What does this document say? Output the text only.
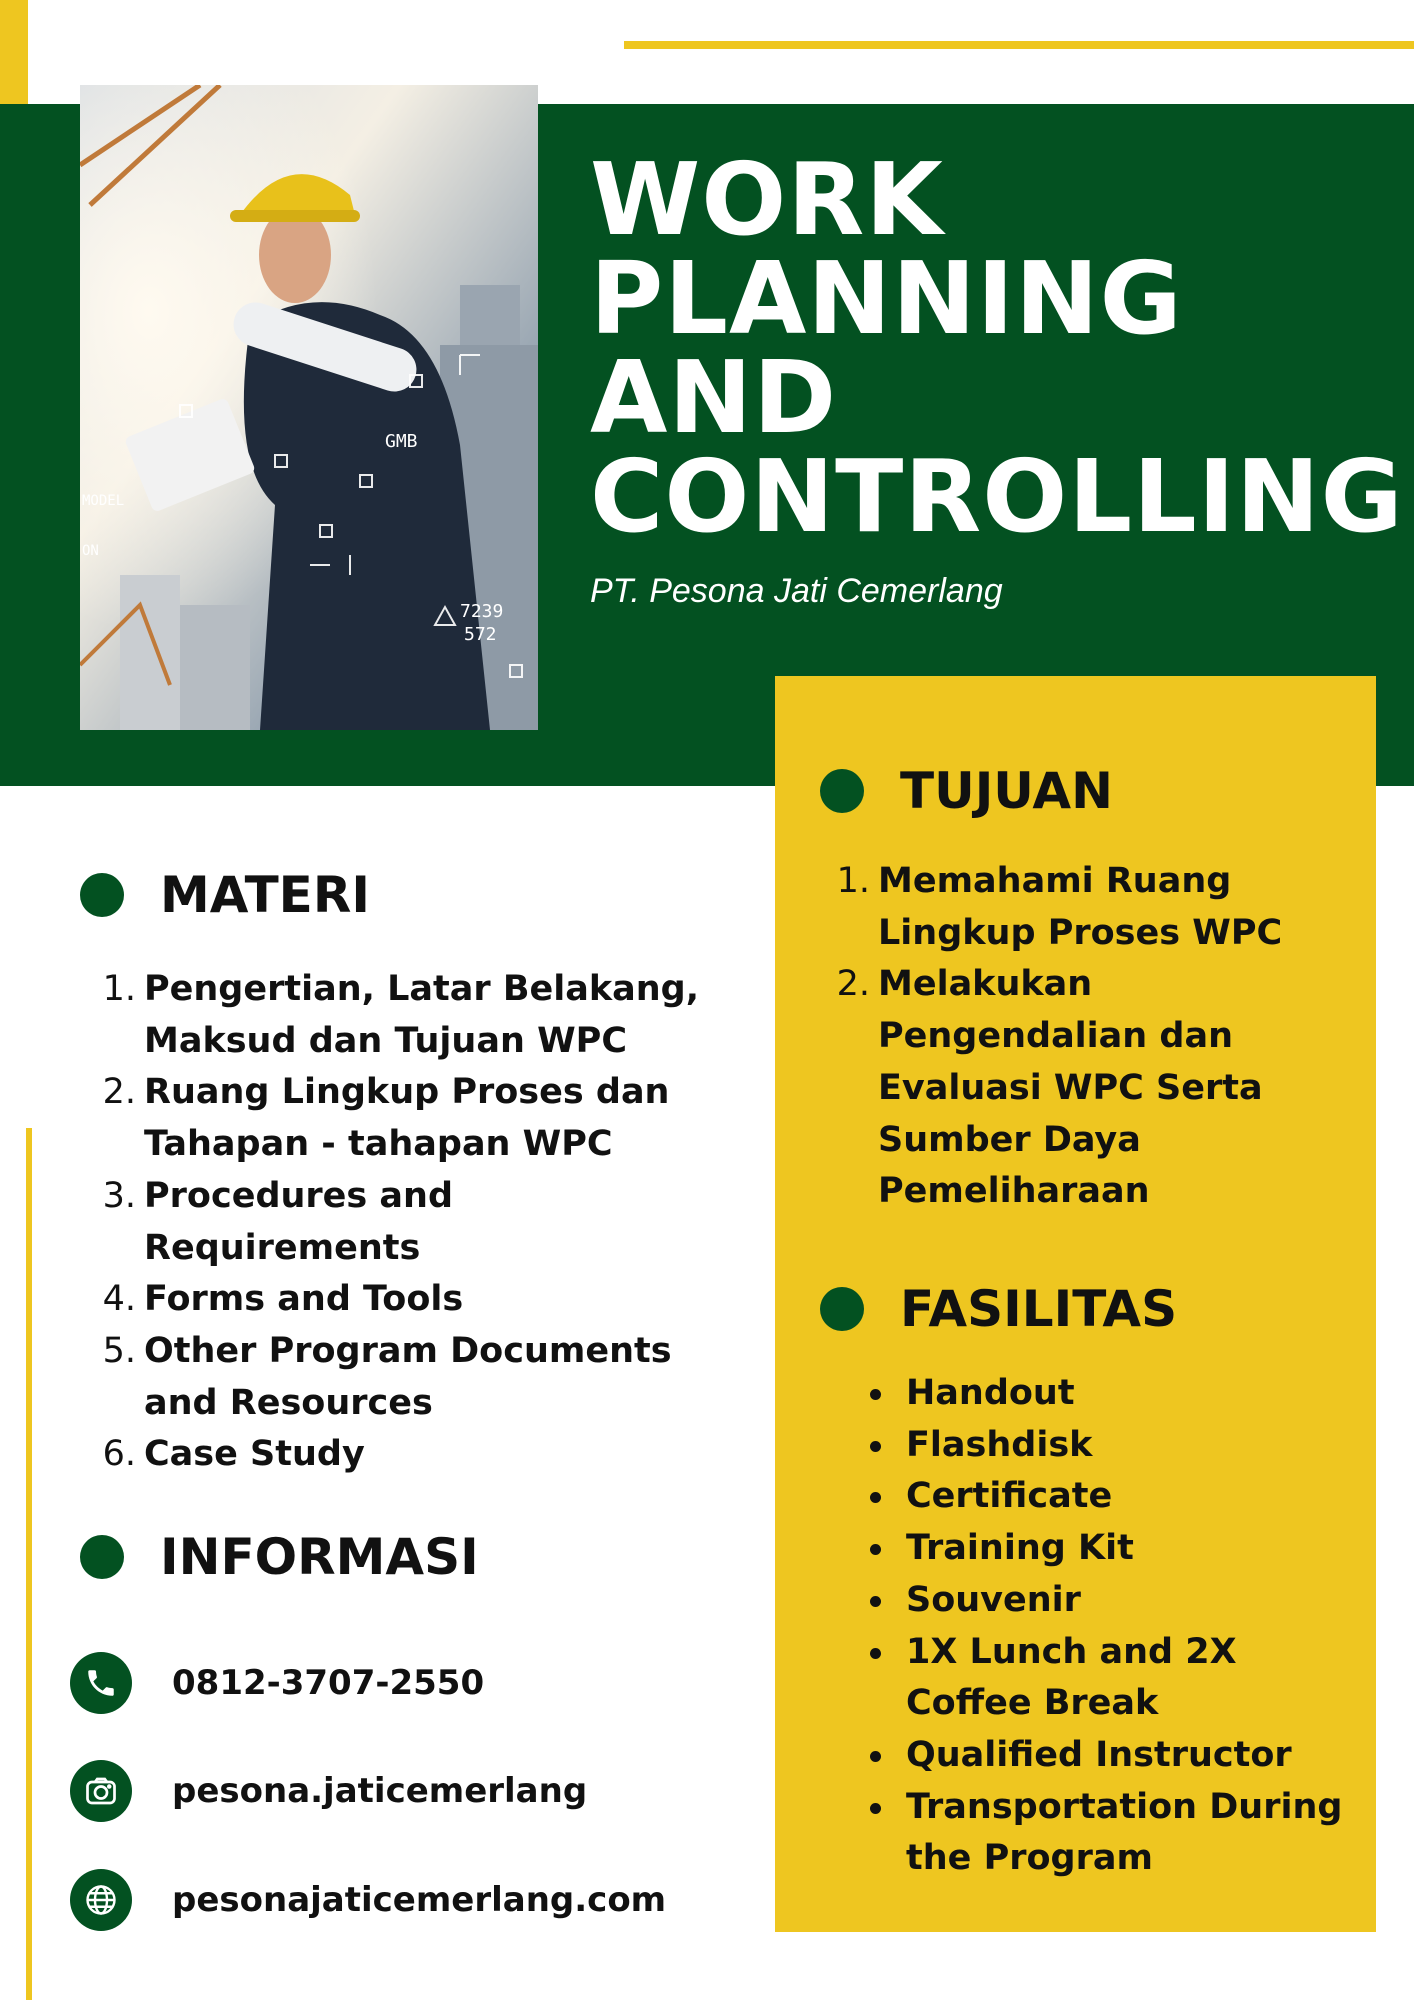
GMB
MODEL
ON
7239
572
WORK
PLANNING
AND
CONTROLLING
PT. Pesona Jati Cemerlang
MATERI
1. Pengertian, Latar Belakang, Maksud dan Tujuan WPC
2. Ruang Lingkup Proses dan Tahapan - tahapan WPC
3. Procedures and Requirements
4. Forms and Tools
5. Other Program Documents and Resources
6. Case Study
INFORMASI
0812-3707-2550
pesona.jaticemerlang
pesonajaticemerlang.com
TUJUAN
1. Memahami Ruang Lingkup Proses WPC
2. Melakukan Pengendalian dan Evaluasi WPC Serta Sumber Daya Pemeliharaan
FASILITAS
Handout
Flashdisk
Certificate
Training Kit
Souvenir
1X Lunch and 2X Coffee Break
Qualified Instructor
Transportation During the Program
